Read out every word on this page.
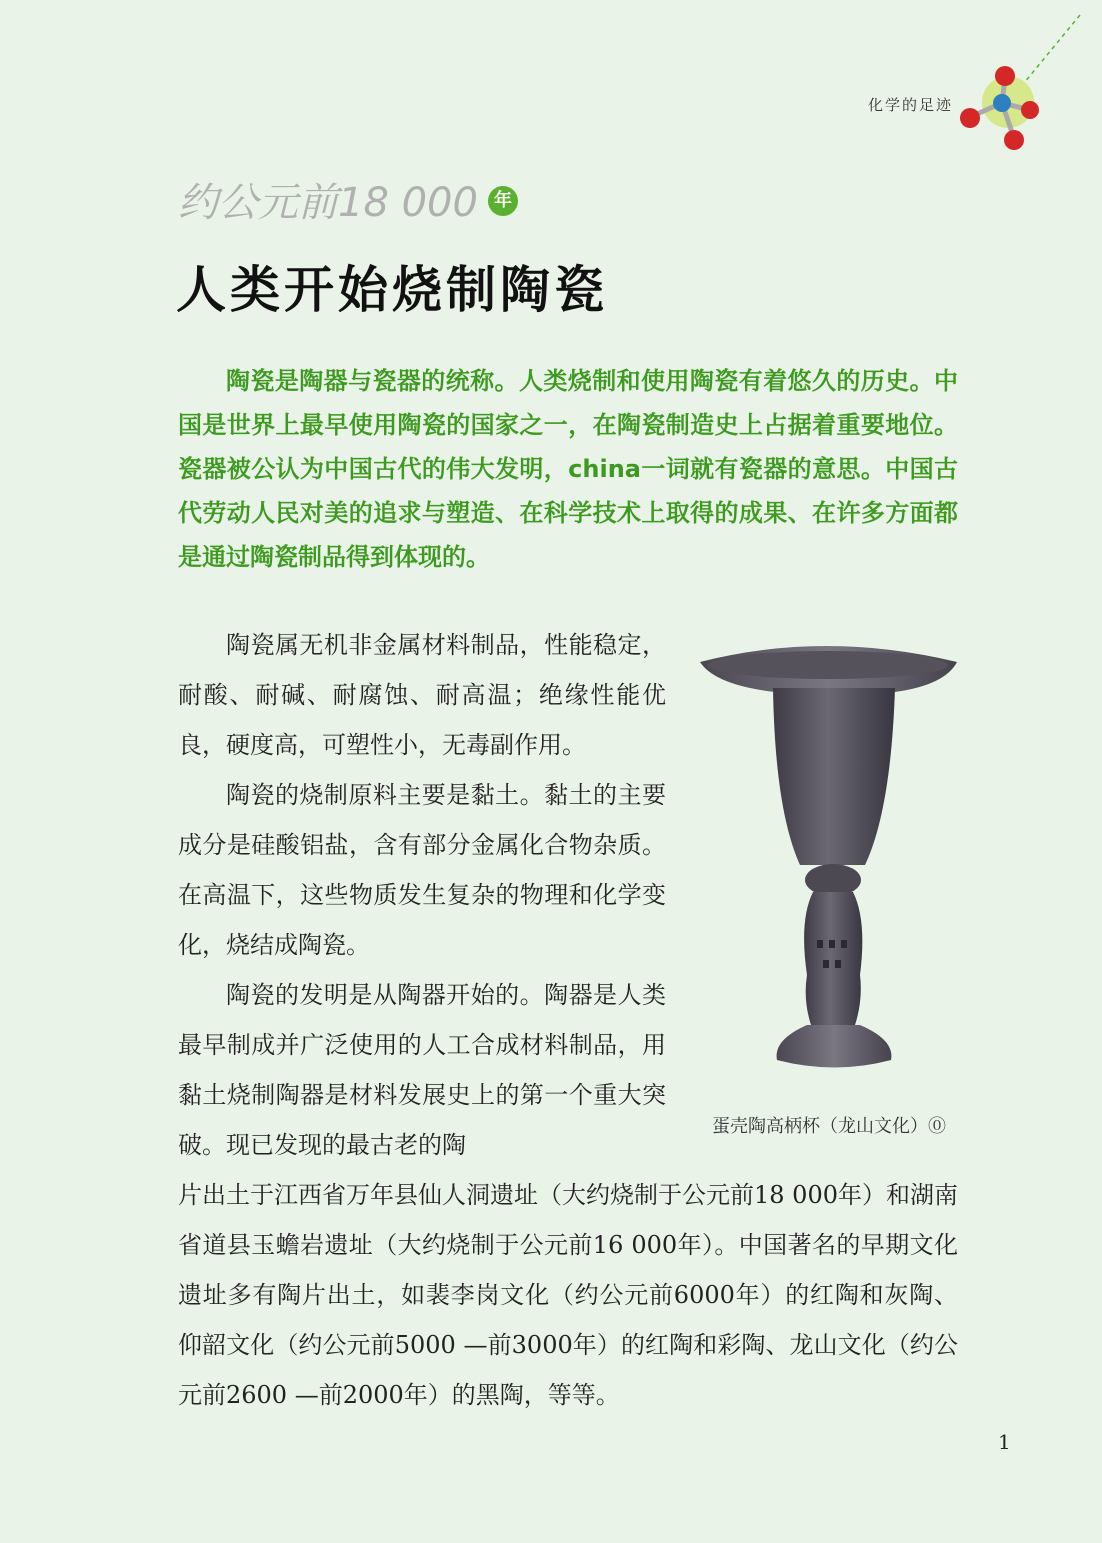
化学的足迹
约公元前18 000 年
人类开始烧制陶瓷

陶瓷是陶器与瓷器的统称。人类烧制和使用陶瓷有着悠久的历史。中国是世界上最早使用陶瓷的国家之一，在陶瓷制造史上占据着重要地位。瓷器被公认为中国古代的伟大发明，china一词就有瓷器的意思。中国古代劳动人民对美的追求与塑造、在科学技术上取得的成果、在许多方面都是通过陶瓷制品得到体现的。

陶瓷属无机非金属材料制品，性能稳定，耐酸、耐碱、耐腐蚀、耐高温；绝缘性能优良，硬度高，可塑性小，无毒副作用。

陶瓷的烧制原料主要是黏土。黏土的主要成分是硅酸铝盐，含有部分金属化合物杂质。在高温下，这些物质发生复杂的物理和化学变化，烧结成陶瓷。

陶瓷的发明是从陶器开始的。陶器是人类最早制成并广泛使用的人工合成材料制品，用黏土烧制陶器是材料发展史上的第一个重大突破。现已发现的最古老的陶

蛋壳陶高柄杯（龙山文化）⓪

片出土于江西省万年县仙人洞遗址（大约烧制于公元前18 000年）和湖南省道县玉蟾岩遗址（大约烧制于公元前16 000年）。中国著名的早期文化遗址多有陶片出土，如裴李岗文化（约公元前6000年）的红陶和灰陶、仰韶文化（约公元前5000 —前3000年）的红陶和彩陶、龙山文化（约公元前2600 —前2000年）的黑陶，等等。

1
